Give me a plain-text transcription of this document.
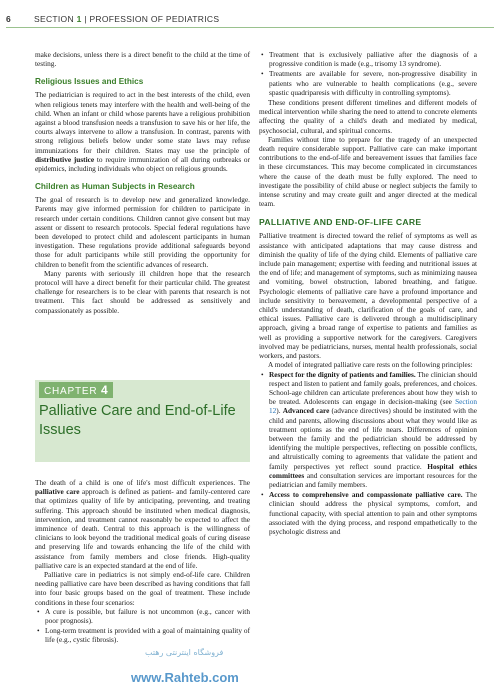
6	SECTION 1 | PROFESSION OF PEDIATRICS

make decisions, unless there is a direct benefit to the child at the time of testing.

Religious Issues and Ethics

The pediatrician is required to act in the best interests of the child, even when religious tenets may interfere with the health and well-being of the child. When an infant or child whose parents have a religious prohibition against a blood transfusion needs a transfusion to save his or her life, the courts always intervene to allow a transfusion. In contrast, parents with strong religious beliefs below under some state laws may refuse immunizations for their children. States may use the principle of distributive justice to require immunization of all during outbreaks or epidemics, including individuals who object on religious grounds.

Children as Human Subjects in Research

The goal of research is to develop new and generalized knowledge. Parents may give informed permission for children to participate in research under certain conditions. Children cannot give consent but may assent or dissent to research protocols. Special federal regulations have been developed to protect child and adolescent participants in human investigation. These regulations provide additional safeguards beyond those for adult participants while still providing the opportunity for children to benefit from the scientific advances of research.

Many parents with seriously ill children hope that the research protocol will have a direct benefit for their particular child. The greatest challenge for researchers is to be clear with parents that research is not treatment. This fact should be addressed as sensitively and compassionately as possible.

CHAPTER 4
Palliative Care and End-of-Life Issues

The death of a child is one of life's most difficult experiences. The palliative care approach is defined as patient- and family-centered care that optimizes quality of life by anticipating, preventing, and treating suffering. This approach should be instituted when medical diagnosis, intervention, and treatment cannot reasonably be expected to affect the imminence of death. Central to this approach is the willingness of clinicians to look beyond the traditional medical goals of curing disease and preserving life and towards enhancing the life of the child with assistance from family members and close friends. High-quality palliative care is an expected standard at the end of life.

Palliative care in pediatrics is not simply end-of-life care. Children needing palliative care have been described as having conditions that fall into four basic groups based on the goal of treatment. These include conditions in these four scenarios:

• A cure is possible, but failure is not uncommon (e.g., cancer with poor prognosis).
• Long-term treatment is provided with a goal of maintaining quality of life (e.g., cystic fibrosis).
• Treatment that is exclusively palliative after the diagnosis of a progressive condition is made (e.g., trisomy 13 syndrome).
• Treatments are available for severe, non-progressive disability in patients who are vulnerable to health complications (e.g., severe spastic quadriparesis with difficulty in controlling symptoms).

These conditions present different timelines and different models of medical intervention while sharing the need to attend to concrete elements affecting the quality of a child's death and mediated by medical, psychosocial, cultural, and spiritual concerns.

Families without time to prepare for the tragedy of an unexpected death require considerable support. Palliative care can make important contributions to the end-of-life and bereavement issues that families face in these circumstances. This may become complicated in circumstances where the cause of the death must be fully explored. The need to investigate the possibility of child abuse or neglect subjects the family to intense scrutiny and may create guilt and anger directed at the medical team.

PALLIATIVE AND END-OF-LIFE CARE

Palliative treatment is directed toward the relief of symptoms as well as assistance with anticipated adaptations that may cause distress and diminish the quality of life of the dying child. Elements of palliative care include pain management; expertise with feeding and nutritional issues at the end of life; and management of symptoms, such as minimizing nausea and vomiting, bowel obstruction, labored breathing, and fatigue. Psychologic elements of palliative care have a profound importance and include sensitivity to bereavement, a developmental perspective of a child's understanding of death, clarification of the goals of care, and ethical issues. Palliative care is delivered through a multidisciplinary approach, giving a broad range of expertise to patients and families as well as providing a supportive network for the caregivers. Caregivers involved may be pediatricians, nurses, mental health professionals, social workers, and pastors.

A model of integrated palliative care rests on the following principles:

• Respect for the dignity of patients and families. The clinician should respect and listen to patient and family goals, preferences, and choices. School-age children can articulate preferences about how they wish to be treated. Adolescents can engage in decision-making (see Section 12). Advanced care (advance directives) should be instituted with the child and parents, allowing discussions about what they would like as treatment options as the end of life nears. Differences of opinion between the family and the pediatrician should be addressed by identifying the multiple perspectives, reflecting on possible conflicts, and altruistically coming to agreements that validate the patient and family perspectives yet reflect sound practice. Hospital ethics committees and consultation services are important resources for the pediatrician and family members.
• Access to comprehensive and compassionate palliative care. The clinician should address the physical symptoms, comfort, and functional capacity, with special attention to pain and other symptoms associated with the dying process, and respond empathetically to the psychologic distress and
فروشگاه اینترنتی رهتب
www.Rahteb.com
